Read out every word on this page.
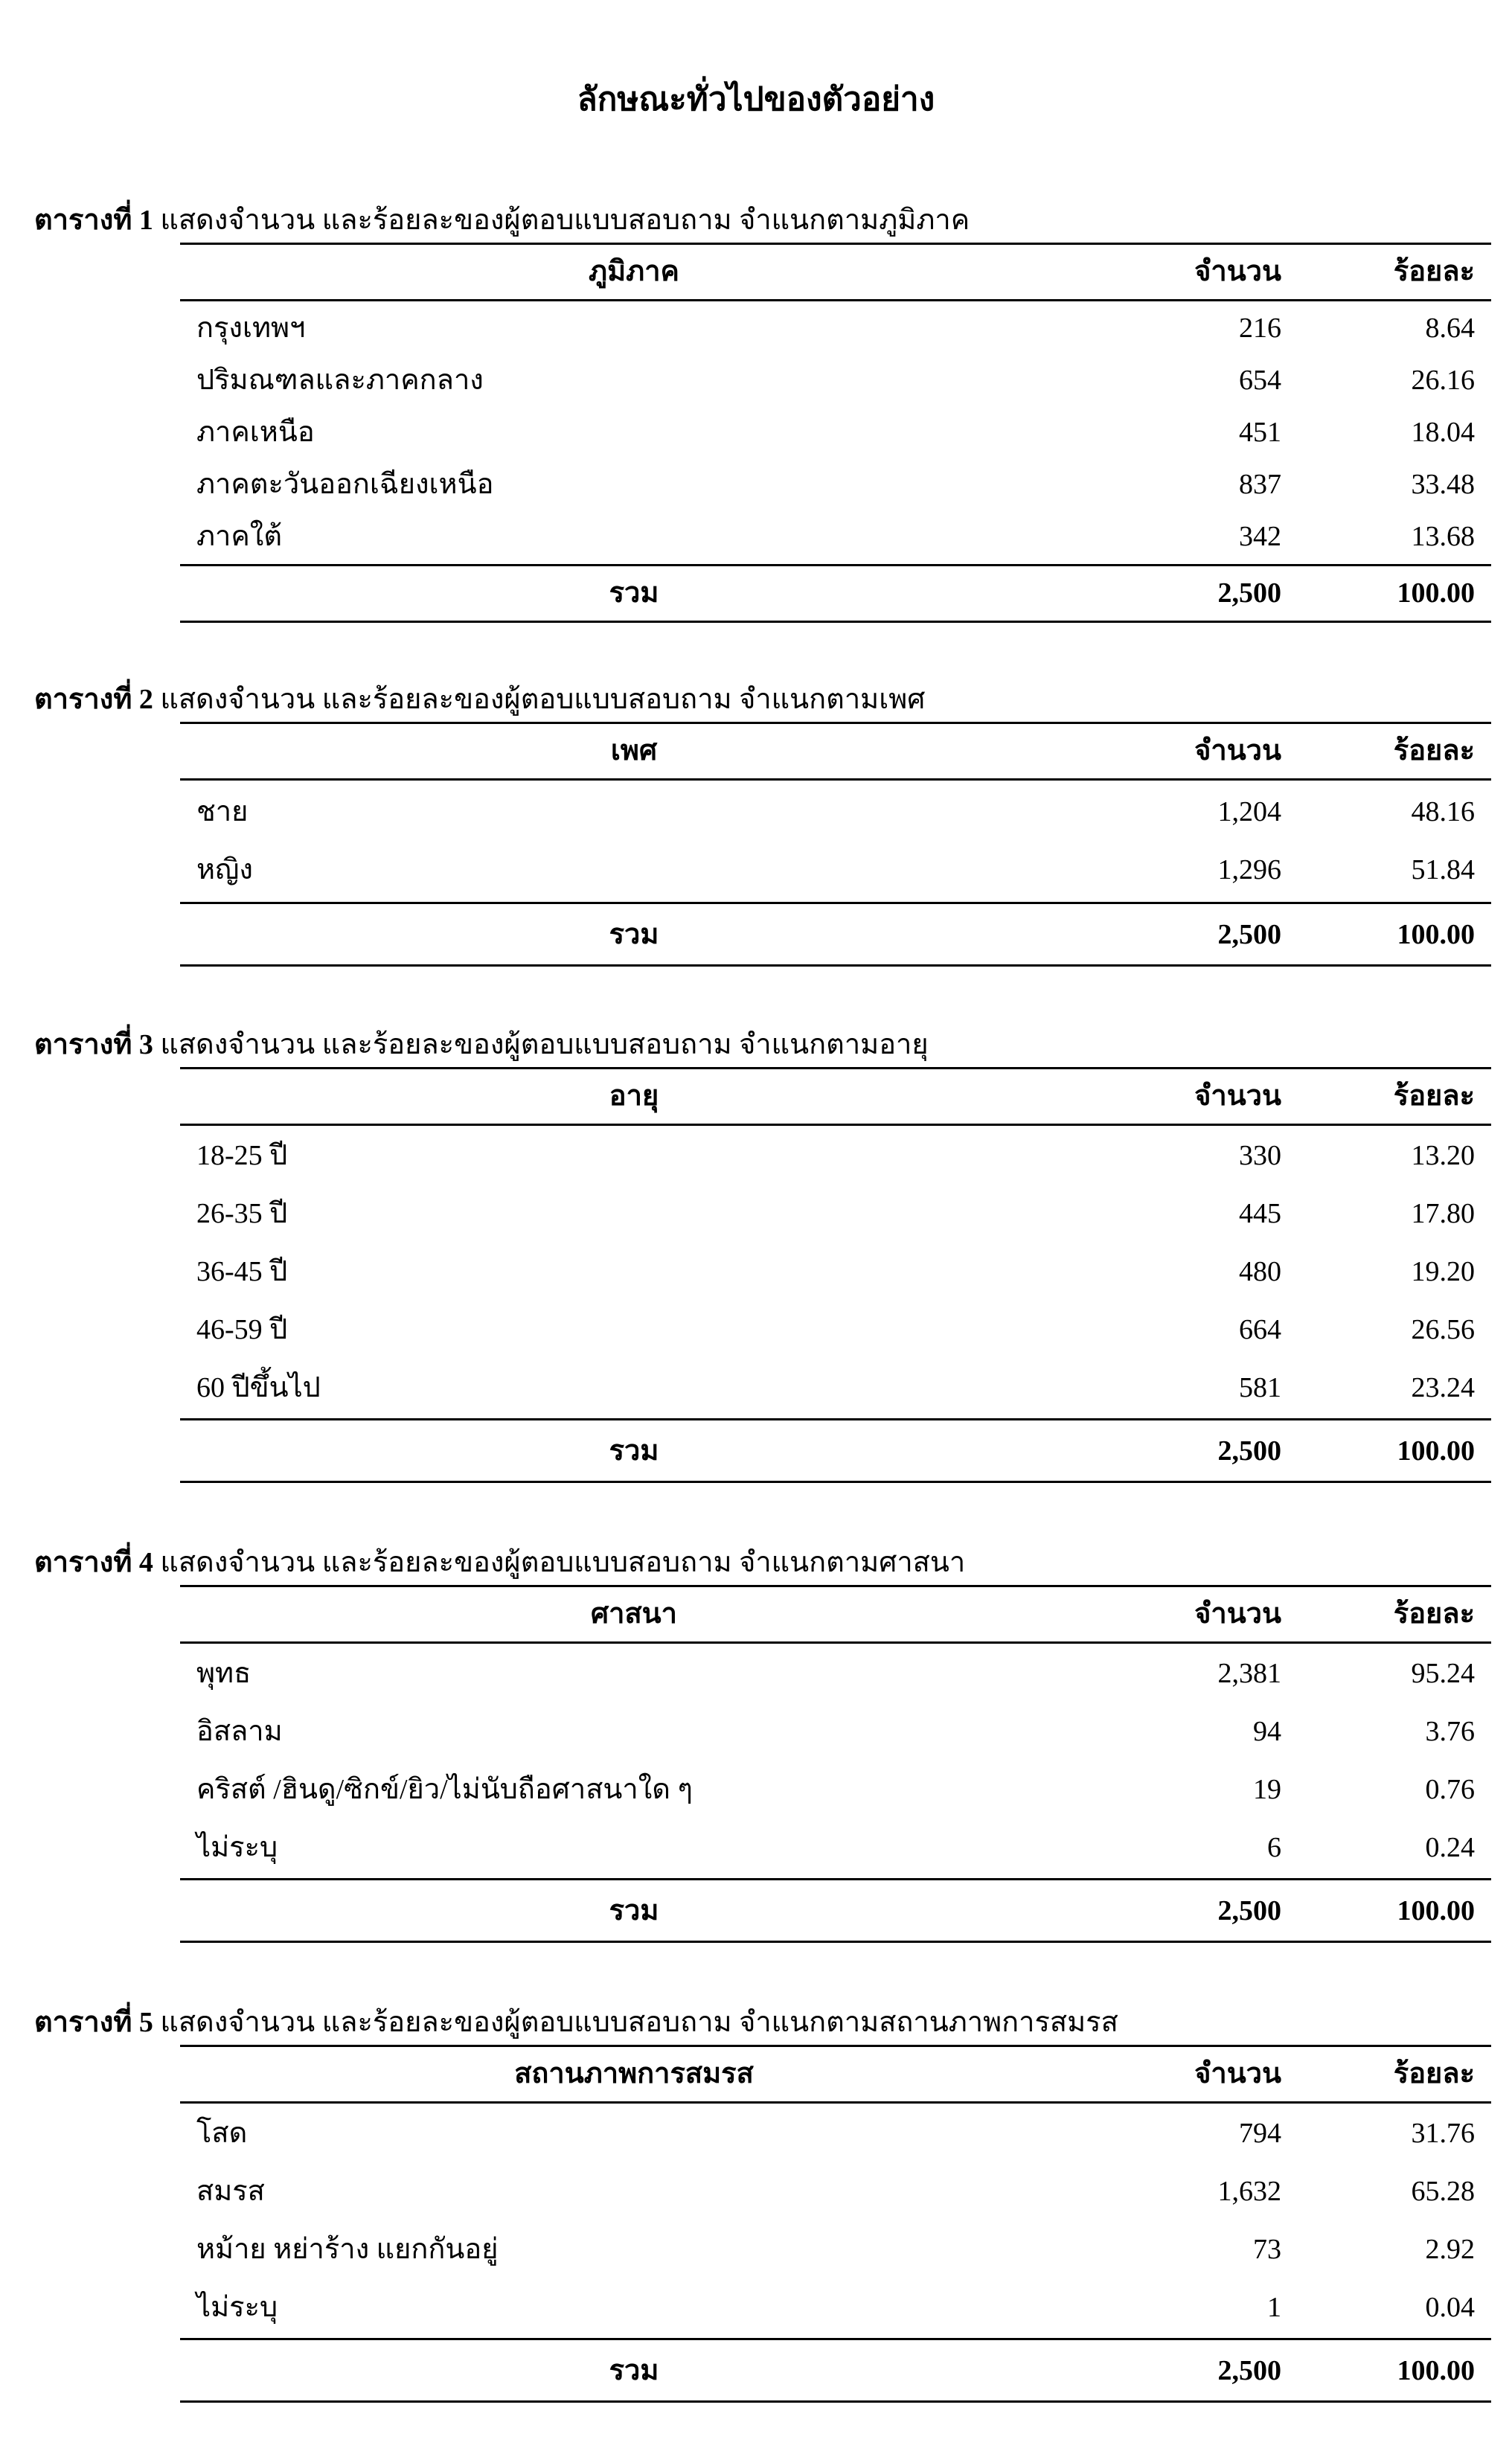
ลักษณะทั่วไปของตัวอย่าง
ตารางที่ 1 แสดงจำนวน และร้อยละของผู้ตอบแบบสอบถาม จำแนกตามภูมิภาค
ภูมิภาค	จำนวน	ร้อยละ
กรุงเทพฯ	216	8.64
ปริมณฑลและภาคกลาง	654	26.16
ภาคเหนือ	451	18.04
ภาคตะวันออกเฉียงเหนือ	837	33.48
ภาคใต้	342	13.68
รวม	2,500	100.00
ตารางที่ 2 แสดงจำนวน และร้อยละของผู้ตอบแบบสอบถาม จำแนกตามเพศ
เพศ	จำนวน	ร้อยละ
ชาย	1,204	48.16
หญิง	1,296	51.84
รวม	2,500	100.00
ตารางที่ 3 แสดงจำนวน และร้อยละของผู้ตอบแบบสอบถาม จำแนกตามอายุ
อายุ	จำนวน	ร้อยละ
18-25 ปี	330	13.20
26-35 ปี	445	17.80
36-45 ปี	480	19.20
46-59 ปี	664	26.56
60 ปีขึ้นไป	581	23.24
รวม	2,500	100.00
ตารางที่ 4 แสดงจำนวน และร้อยละของผู้ตอบแบบสอบถาม จำแนกตามศาสนา
ศาสนา	จำนวน	ร้อยละ
พุทธ	2,381	95.24
อิสลาม	94	3.76
คริสต์ /ฮินดู/ซิกข์/ยิว/ไม่นับถือศาสนาใด ๆ	19	0.76
ไม่ระบุ	6	0.24
รวม	2,500	100.00
ตารางที่ 5 แสดงจำนวน และร้อยละของผู้ตอบแบบสอบถาม จำแนกตามสถานภาพการสมรส
สถานภาพการสมรส	จำนวน	ร้อยละ
โสด	794	31.76
สมรส	1,632	65.28
หม้าย หย่าร้าง แยกกันอยู่	73	2.92
ไม่ระบุ	1	0.04
รวม	2,500	100.00
